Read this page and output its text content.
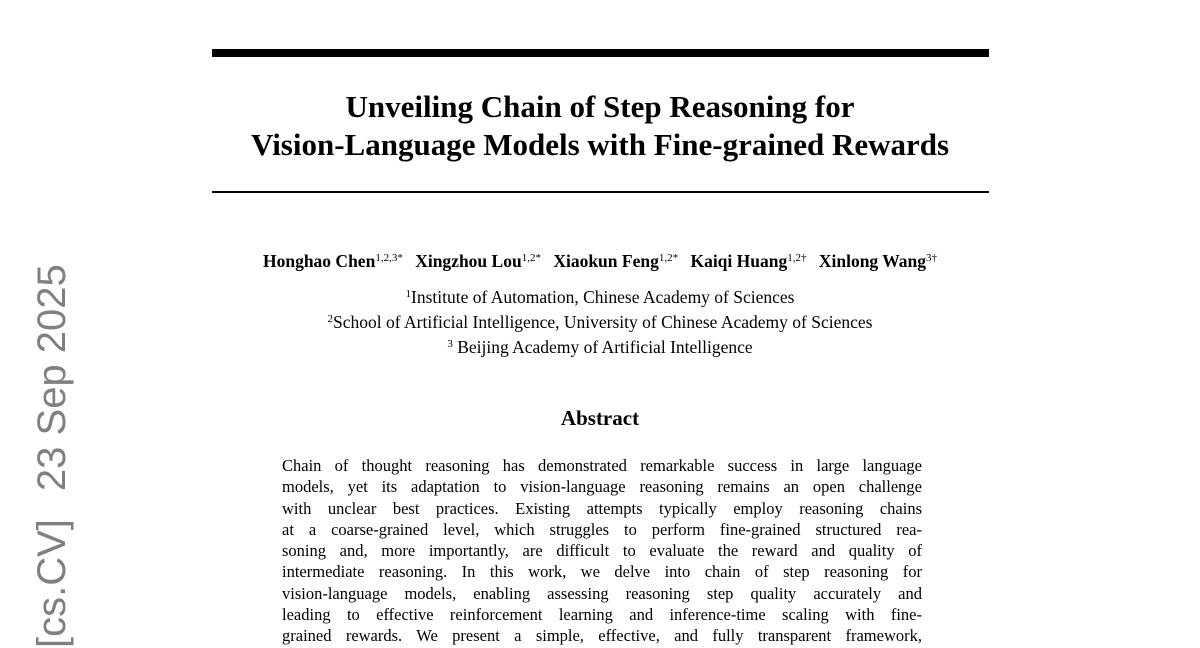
Unveiling Chain of Step Reasoning for
Vision-Language Models with Fine-grained Rewards

Honghao Chen$^{1,2,3*}$ Xingzhou Lou$^{1,2*}$ Xiaokun Feng$^{1,2*}$ Kaiqi Huang$^{1,2\dagger}$ Xinlong Wang$^{3\dagger}$

$^1$Institute of Automation, Chinese Academy of Sciences
$^2$School of Artificial Intelligence, University of Chinese Academy of Sciences
$^3$ Beijing Academy of Artificial Intelligence
Abstract
Chain of thought reasoning has demonstrated remarkable success in large language
models, yet its adaptation to vision-language reasoning remains an open challenge
with unclear best practices. Existing attempts typically employ reasoning chains
at a coarse-grained level, which struggles to perform fine-grained structured rea-
soning and, more importantly, are difficult to evaluate the reward and quality of
intermediate reasoning. In this work, we delve into chain of step reasoning for
vision-language models, enabling assessing reasoning step quality accurately and
leading to effective reinforcement learning and inference-time scaling with fine-
grained rewards. We present a simple, effective, and fully transparent framework,
[cs.CV]23 Sep 2025
